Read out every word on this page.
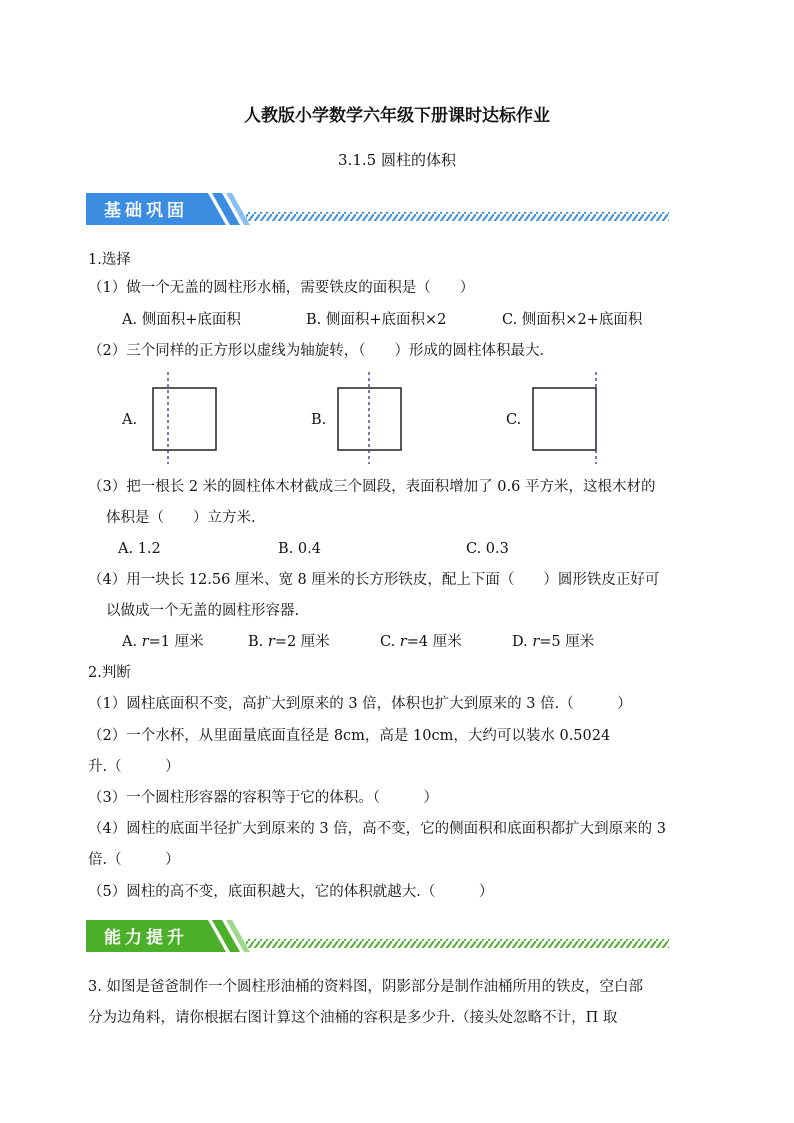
人教版小学数学六年级下册课时达标作业
3.1.5 圆柱的体积
基础巩固
1.选择
（1）做一个无盖的圆柱形水桶，需要铁皮的面积是（　　）
A. 侧面积+底面积	B. 侧面积+底面积×2	C. 侧面积×2+底面积
（2）三个同样的正方形以虚线为轴旋转，（　　）形成的圆柱体积最大.
A.	B.	C.
（3）把一根长 2 米的圆柱体木材截成三个圆段，表面积增加了 0.6 平方米，这根木材的
体积是（　　）立方米.
A. 1.2	B. 0.4	C. 0.3
（4）用一块长 12.56 厘米、宽 8 厘米的长方形铁皮，配上下面（　　）圆形铁皮正好可
以做成一个无盖的圆柱形容器.
A. r=1 厘米	B. r=2 厘米	C. r=4 厘米	D. r=5 厘米
2.判断
（1）圆柱底面积不变，高扩大到原来的 3 倍，体积也扩大到原来的 3 倍.（　　　）
（2）一个水杯，从里面量底面直径是 8cm，高是 10cm，大约可以装水 0.5024
升.（　　　）
（3）一个圆柱形容器的容积等于它的体积。（　　　）
（4）圆柱的底面半径扩大到原来的 3 倍，高不变，它的侧面积和底面积都扩大到原来的 3
倍.（　　　）
（5）圆柱的高不变，底面积越大，它的体积就越大.（　　　）
能力提升
3. 如图是爸爸制作一个圆柱形油桶的资料图，阴影部分是制作油桶所用的铁皮，空白部
分为边角料，请你根据右图计算这个油桶的容积是多少升.（接头处忽略不计，Π 取
